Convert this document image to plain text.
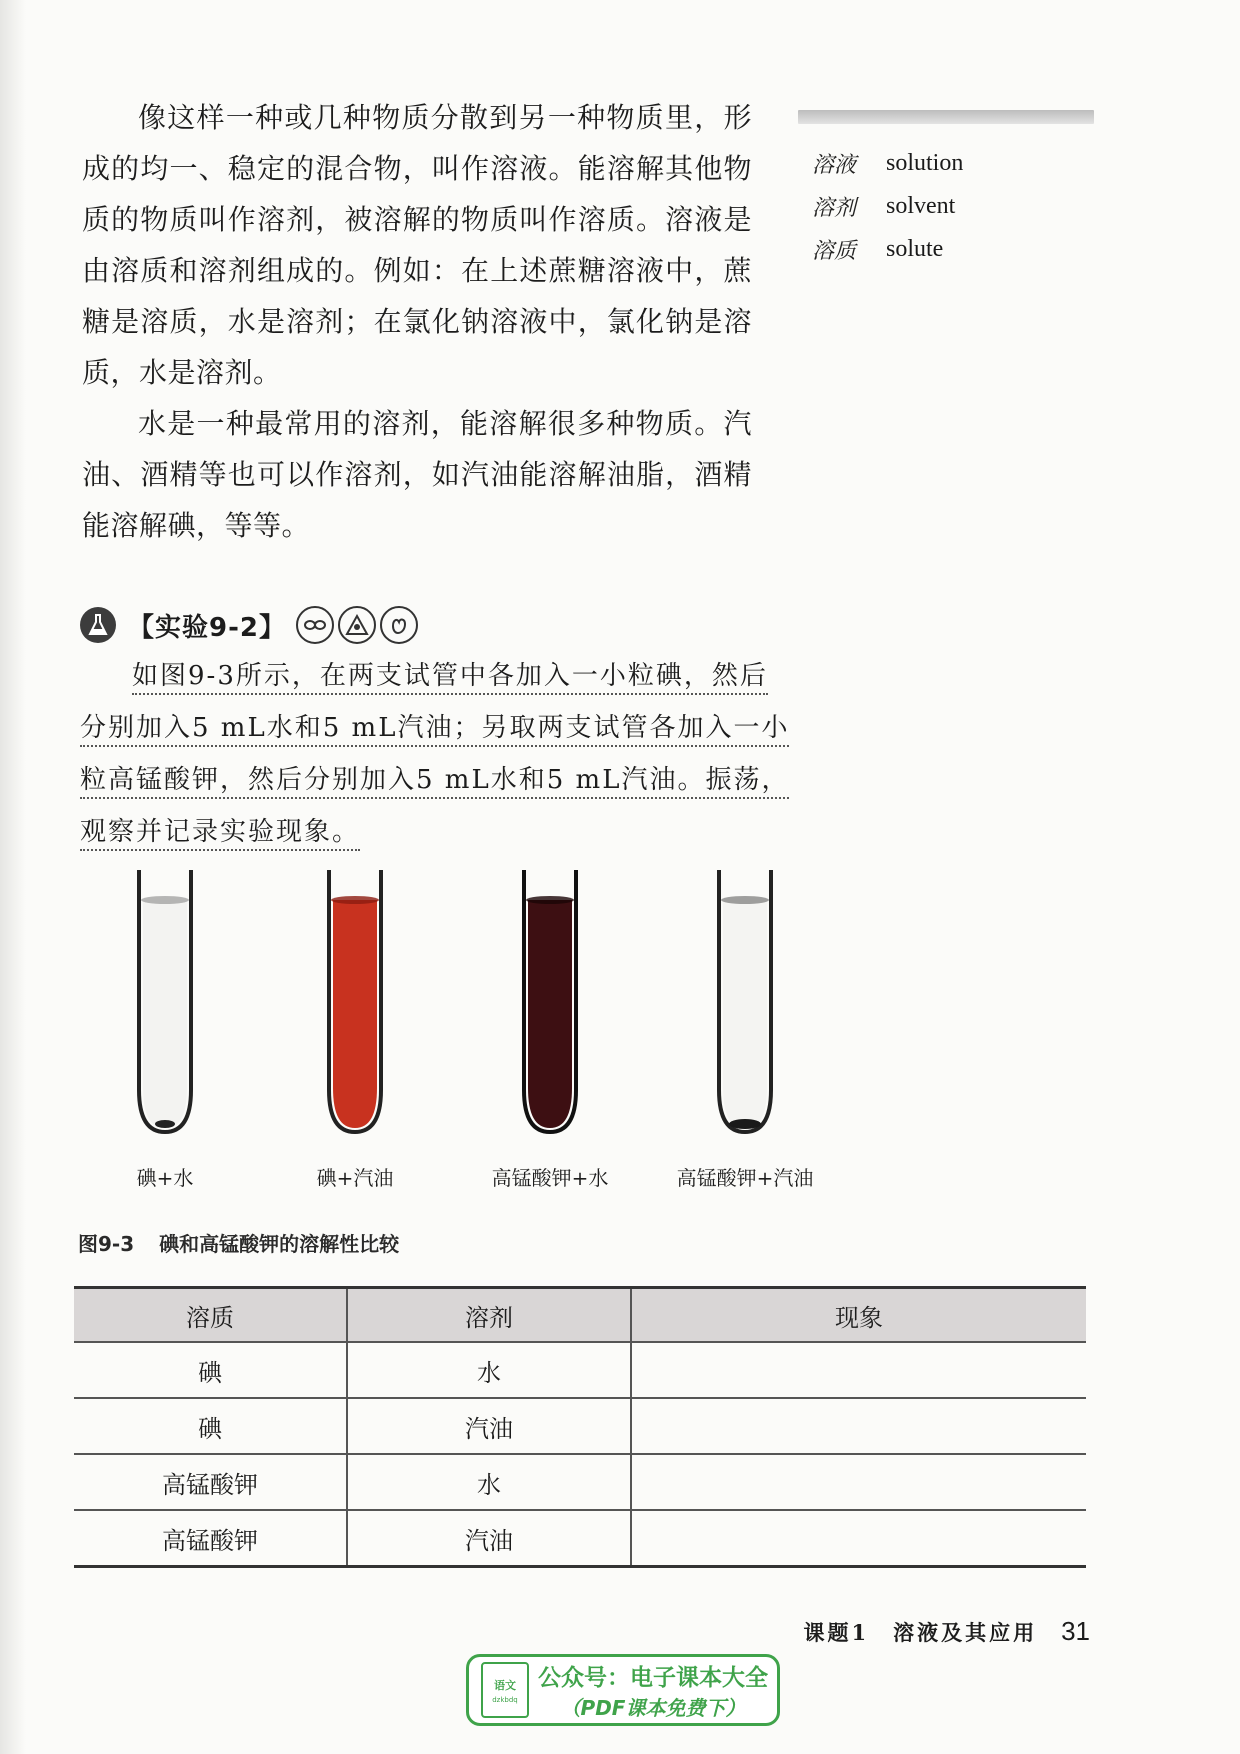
像这样一种或几种物质分散到另一种物质里，形成的均一、稳定的混合物，叫作溶液。能溶解其他物质的物质叫作溶剂，被溶解的物质叫作溶质。溶液是由溶质和溶剂组成的。例如：在上述蔗糖溶液中，蔗糖是溶质，水是溶剂；在氯化钠溶液中，氯化钠是溶质，水是溶剂。

水是一种最常用的溶剂，能溶解很多种物质。汽油、酒精等也可以作溶剂，如汽油能溶解油脂，酒精能溶解碘，等等。

溶液	solution
溶剂	solvent
溶质	solute
【实验9-2】

如图9-3所示，在两支试管中各加入一小粒碘，然后

分别加入5 mL水和5 mL汽油；另取两支试管各加入一小

粒高锰酸钾，然后分别加入5 mL水和5 mL汽油。振荡，

观察并记录实验现象。

碘+水	碘+汽油	高锰酸钾+水	高锰酸钾+汽油
图9-3 碘和高锰酸钾的溶解性比较
溶质	溶剂	现象
碘	水	
碘	汽油	
高锰酸钾	水	
高锰酸钾	汽油	
课题1　溶液及其应用 31
语文
dzkbdq
公众号：电子课本大全
（PDF课本免费下）
